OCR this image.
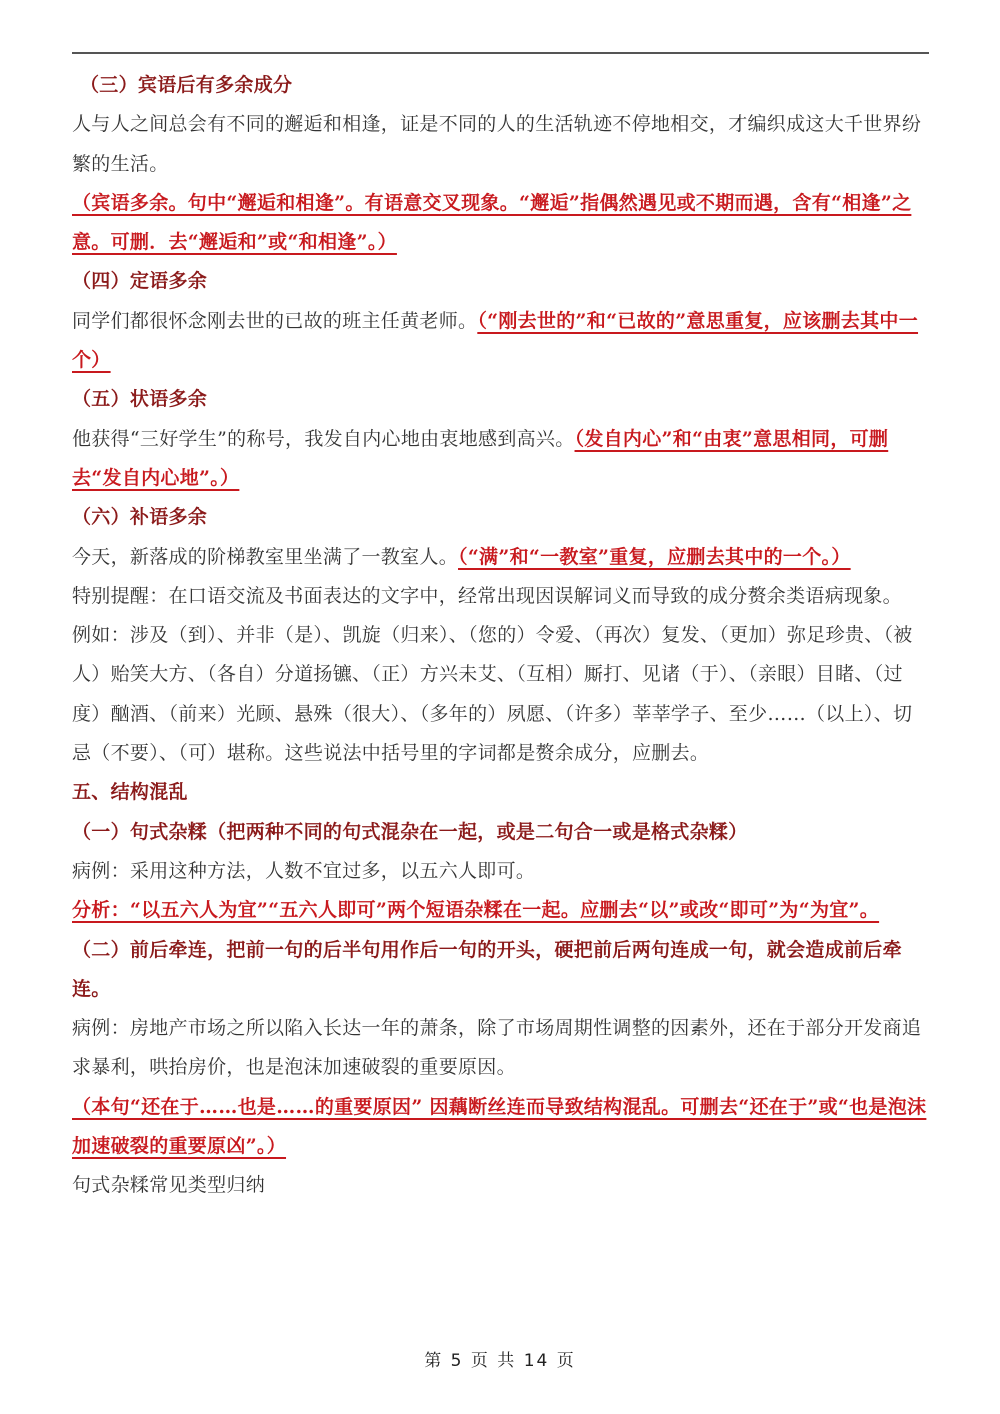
（三）宾语后有多余成分

人与人之间总会有不同的邂逅和相逢，证是不同的人的生活轨迹不停地相交，才编织成这大千世界纷繁的生活。

（宾语多余。句中“邂逅和相逢”。有语意交叉现象。“邂逅”指偶然遇见或不期而遇，含有“相逢”之意。可删．去“邂逅和”或“和相逢”。）

（四）定语多余

同学们都很怀念刚去世的已故的班主任黄老师。（“刚去世的”和“已故的”意思重复，应该删去其中一个）

（五）状语多余

他获得“三好学生”的称号，我发自内心地由衷地感到高兴。（发自内心”和“由衷”意思相同，可删去“发自内心地”。）

（六）补语多余

今天，新落成的阶梯教室里坐满了一教室人。（“满”和“一教室”重复，应删去其中的一个。）

特别提醒：在口语交流及书面表达的文字中，经常出现因误解词义而导致的成分赘余类语病现象。

例如：涉及（到）、并非（是）、凯旋（归来）、（您的）令爱、（再次）复发、（更加）弥足珍贵、（被人）贻笑大方、（各自）分道扬镳、（正）方兴未艾、（互相）厮打、见诸（于）、（亲眼）目睹、（过度）酗酒、（前来）光顾、悬殊（很大）、（多年的）夙愿、（许多）莘莘学子、至少……（以上）、切忌（不要）、（可）堪称。这些说法中括号里的字词都是赘余成分，应删去。

五、结构混乱

（一）句式杂糅（把两种不同的句式混杂在一起，或是二句合一或是格式杂糅）

病例：采用这种方法，人数不宜过多，以五六人即可。

分析：“以五六人为宜”“五六人即可”两个短语杂糅在一起。应删去“以”或改“即可”为“为宜”。

（二）前后牵连，把前一句的后半句用作后一句的开头，硬把前后两句连成一句，就会造成前后牵连。

病例：房地产市场之所以陷入长达一年的萧条，除了市场周期性调整的因素外，还在于部分开发商追求暴利，哄抬房价，也是泡沫加速破裂的重要原因。

（本句“还在于……也是……的重要原因” 因藕断丝连而导致结构混乱。可删去“还在于”或“也是泡沫加速破裂的重要原凶”。）

句式杂糅常见类型归纳

第 5 页 共 14 页
